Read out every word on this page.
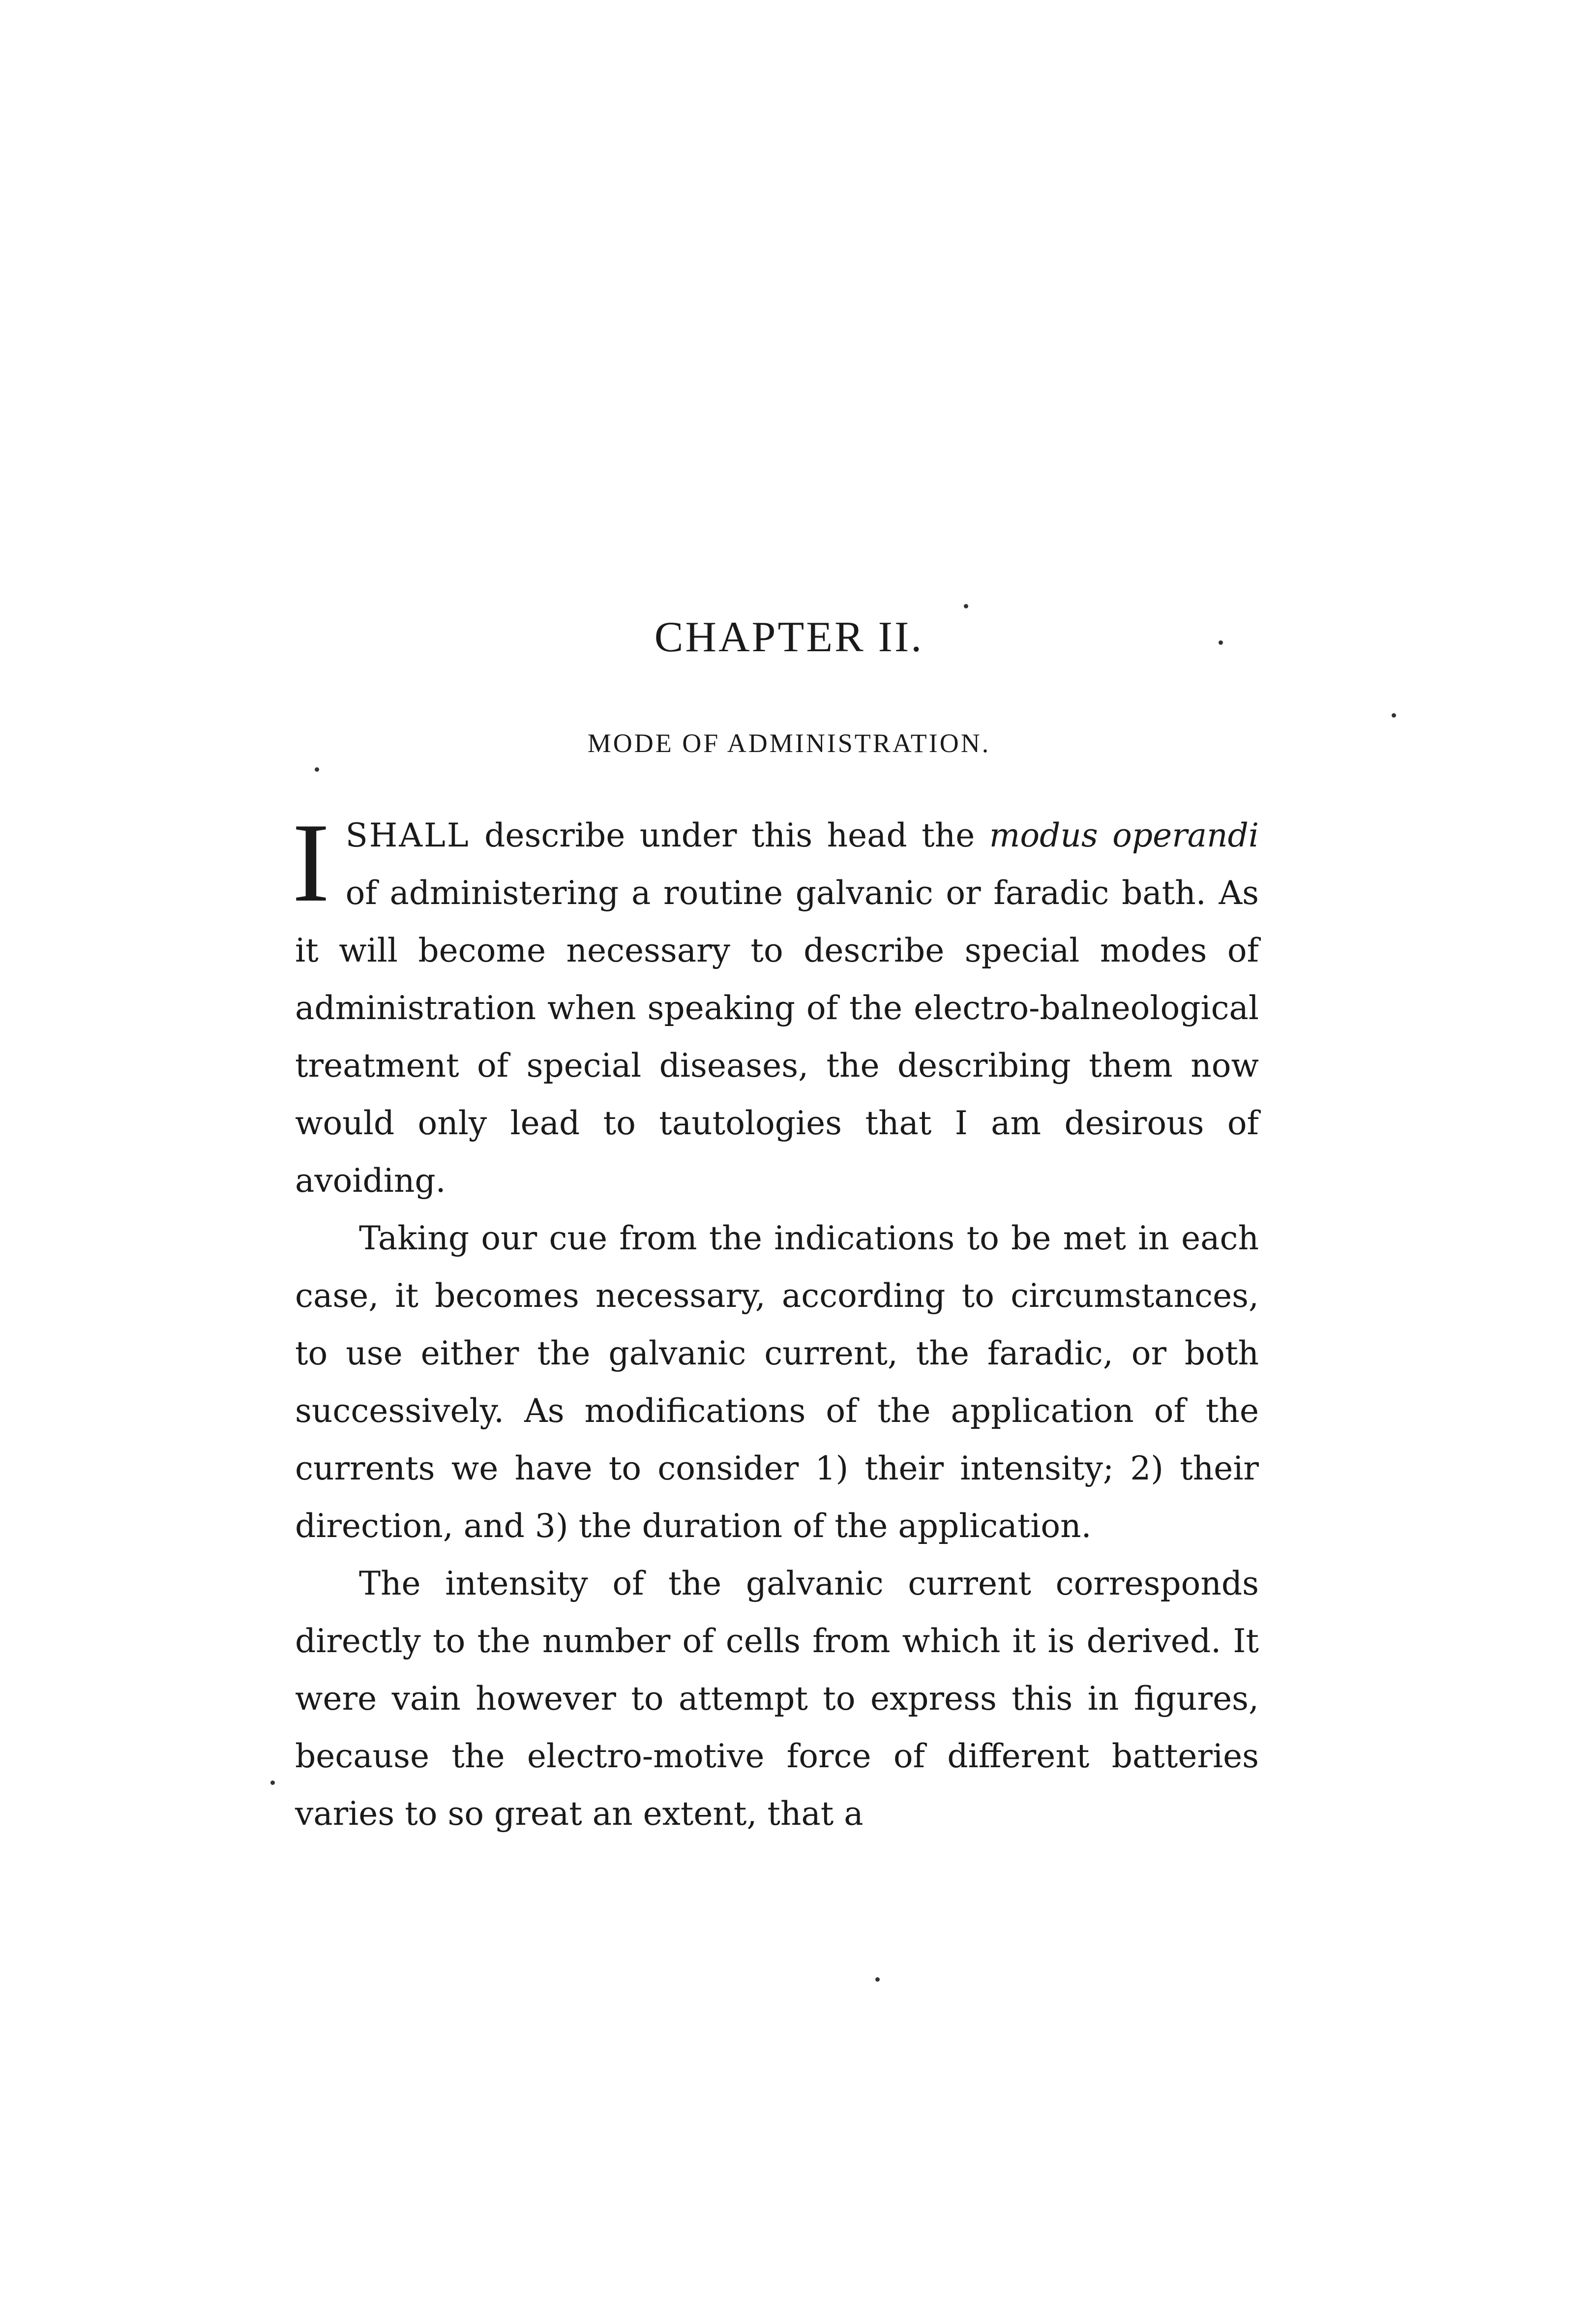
CHAPTER II.
MODE OF ADMINISTRATION.

I SHALL describe under this head the modus operandi of administering a routine galvanic or faradic bath. As it will become necessary to describe special modes of administration when speaking of the electro-balneological treatment of special diseases, the describing them now would only lead to tautologies that I am desirous of avoiding.

Taking our cue from the indications to be met in each case, it becomes necessary, according to circumstances, to use either the galvanic current, the faradic, or both successively. As modifications of the application of the currents we have to consider 1) their intensity; 2) their direction, and 3) the duration of the application.

The intensity of the galvanic current corresponds directly to the number of cells from which it is derived. It were vain however to attempt to express this in figures, because the electro-motive force of different batteries varies to so great an extent, that a
